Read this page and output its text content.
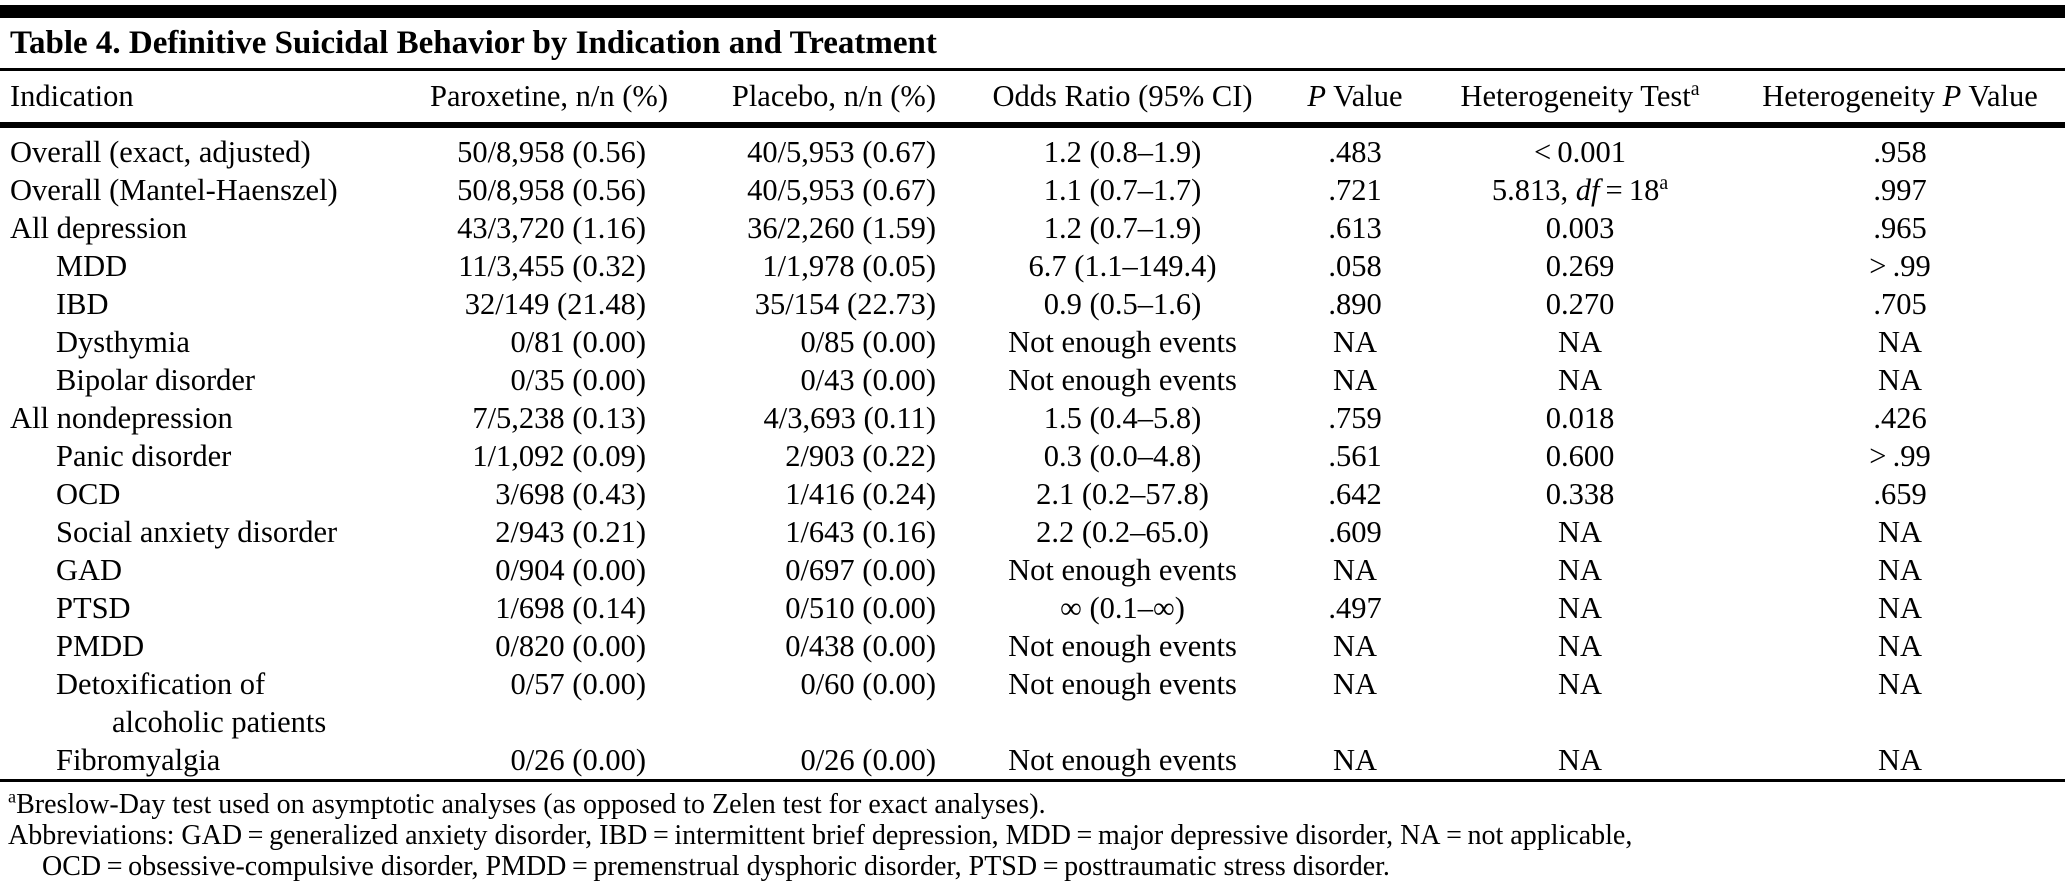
Table 4. Definitive Suicidal Behavior by Indication and Treatment
Indication	Paroxetine, n/n (%)	Placebo, n/n (%)	Odds Ratio (95% CI)	P Value	Heterogeneity Test$^a$	Heterogeneity P Value

Overall (exact, adjusted)	50/8,958 (0.56)	40/5,953 (0.67)	1.2 (0.8–1.9)	.483	< 0.001	.958

Overall (Mantel-Haenszel)	50/8,958 (0.56)	40/5,953 (0.67)	1.1 (0.7–1.7)	.721	5.813, df = $18^a$	.997

All depression	43/3,720 (1.16)	36/2,260 (1.59)	1.2 (0.7–1.9)	.613	0.003	.965

MDD	11/3,455 (0.32)	1/1,978 (0.05)	6.7 (1.1–149.4)	.058	0.269	> .99

IBD	32/149 (21.48)	35/154 (22.73)	0.9 (0.5–1.6)	.890	0.270	.705

Dysthymia	0/81 (0.00)	0/85 (0.00)	Not enough events	NA	NA	NA

Bipolar disorder	0/35 (0.00)	0/43 (0.00)	Not enough events	NA	NA	NA

All nondepression	7/5,238 (0.13)	4/3,693 (0.11)	1.5 (0.4–5.8)	.759	0.018	.426

Panic disorder	1/1,092 (0.09)	2/903 (0.22)	0.3 (0.0–4.8)	.561	0.600	> .99

OCD	3/698 (0.43)	1/416 (0.24)	2.1 (0.2–57.8)	.642	0.338	.659

Social anxiety disorder	2/943 (0.21)	1/643 (0.16)	2.2 (0.2–65.0)	.609	NA	NA

GAD	0/904 (0.00)	0/697 (0.00)	Not enough events	NA	NA	NA

PTSD	1/698 (0.14)	0/510 (0.00)	∞ (0.1–∞)	.497	NA	NA

PMDD	0/820 (0.00)	0/438 (0.00)	Not enough events	NA	NA	NA

Detoxification of
alcoholic patients	0/57 (0.00)	0/60 (0.00)	Not enough events	NA	NA	NA

Fibromyalgia	0/26 (0.00)	0/26 (0.00)	Not enough events	NA	NA	NA
$^a$Breslow-Day test used on asymptotic analyses (as opposed to Zelen test for exact analyses).
Abbreviations: GAD = generalized anxiety disorder, IBD = intermittent brief depression, MDD = major depressive disorder, NA = not applicable,
OCD = obsessive-compulsive disorder, PMDD = premenstrual dysphoric disorder, PTSD = posttraumatic stress disorder.
